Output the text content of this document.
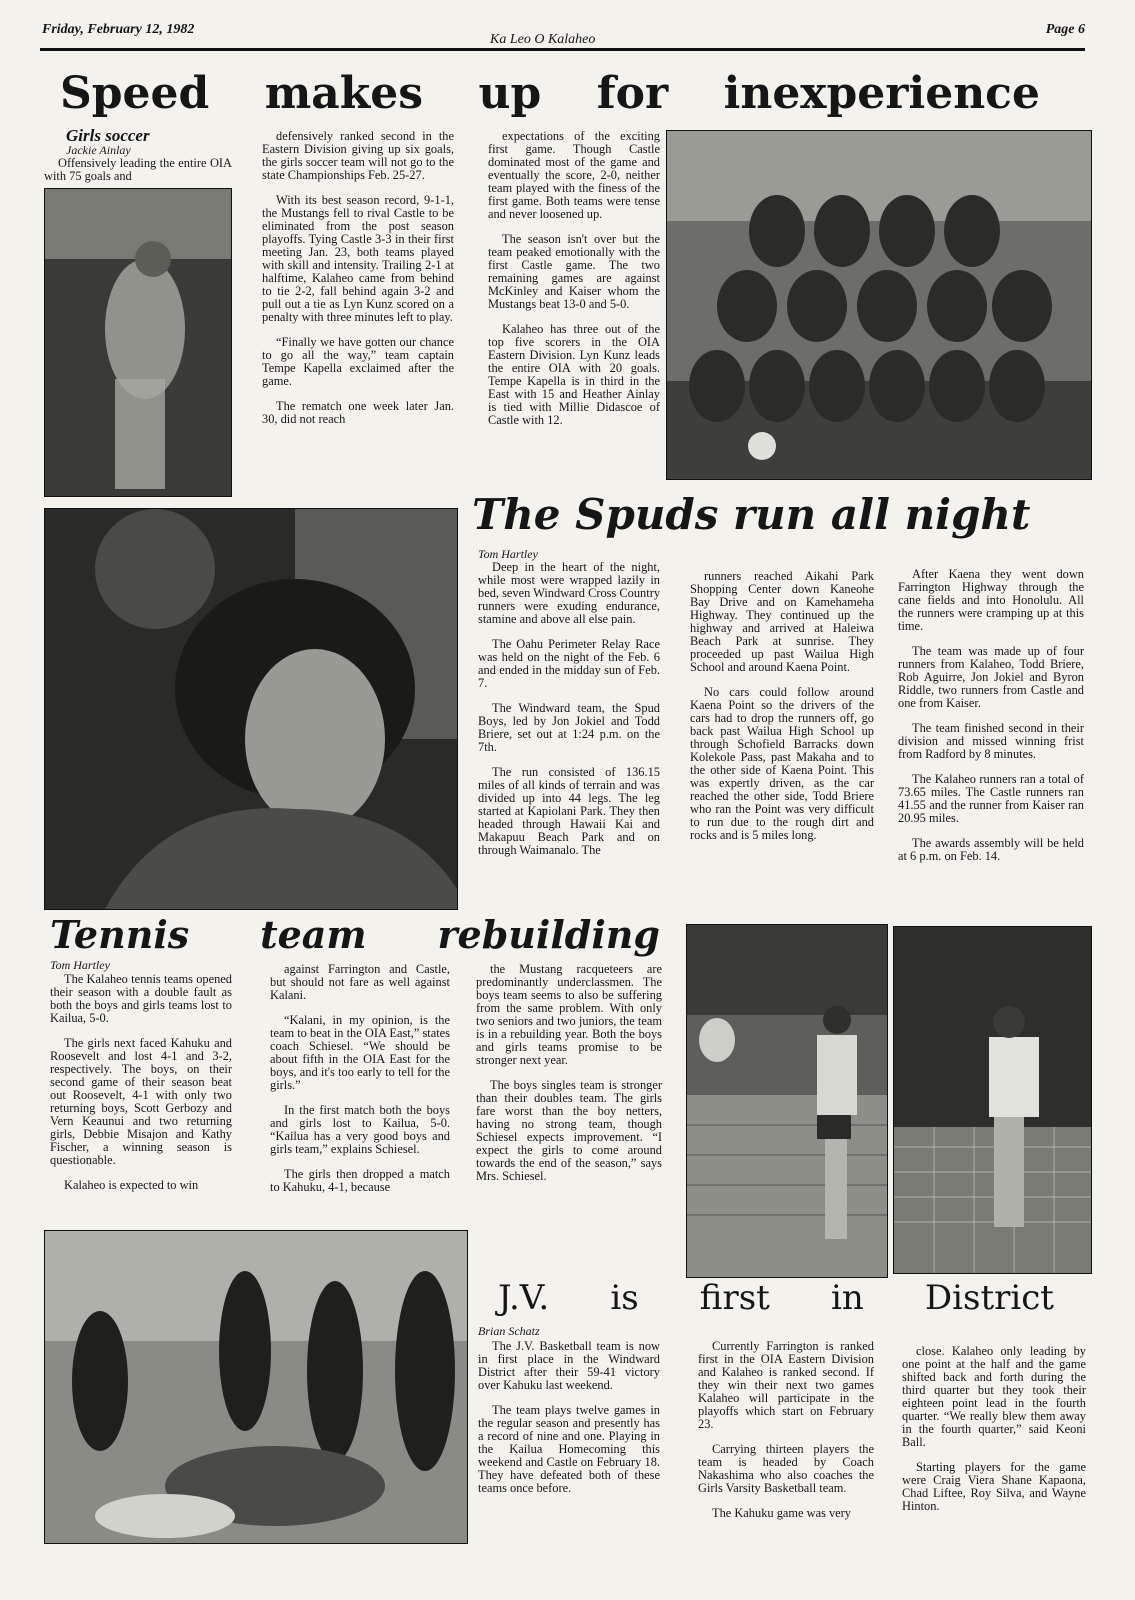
Friday, February 12, 1982
Ka Leo O Kalaheo
Page 6
Speed makes up for inexperience
Girls soccer
Jackie Ainlay

Offensively leading the entire OIA with 75 goals and

defensively ranked second in the Eastern Division giving up six goals, the girls soccer team will not go to the state Championships Feb. 25-27.

With its best season record, 9-1-1, the Mustangs fell to rival Castle to be eliminated from the post season playoffs. Tying Castle 3-3 in their first meeting Jan. 23, both teams played with skill and intensity. Trailing 2-1 at halftime, Kalaheo came from behind to tie 2-2, fall behind again 3-2 and pull out a tie as Lyn Kunz scored on a penalty with three minutes left to play.

“Finally we have gotten our chance to go all the way,” team captain Tempe Kapella exclaimed after the game.

The rematch one week later Jan. 30, did not reach

expectations of the exciting first game. Though Castle dominated most of the game and eventually the score, 2-0, neither team played with the finess of the first game. Both teams were tense and never loosened up.

The season isn't over but the team peaked emotionally with the first Castle game. The two remaining games are against McKinley and Kaiser whom the Mustangs beat 13-0 and 5-0.

Kalaheo has three out of the top five scorers in the OIA Eastern Division. Lyn Kunz leads the entire OIA with 20 goals. Tempe Kapella is in third in the East with 15 and Heather Ainlay is tied with Millie Didascoe of Castle with 12.

The Spuds run all night
Tom Hartley

Deep in the heart of the night, while most were wrapped lazily in bed, seven Windward Cross Country runners were exuding endurance, stamine and above all else pain.

The Oahu Perimeter Relay Race was held on the night of the Feb. 6 and ended in the midday sun of Feb. 7.

The Windward team, the Spud Boys, led by Jon Jokiel and Todd Briere, set out at 1:24 p.m. on the 7th.

The run consisted of 136.15 miles of all kinds of terrain and was divided up into 44 legs. The leg started at Kapiolani Park. They then headed through Hawaii Kai and Makapuu Beach Park and on through Waimanalo. The

runners reached Aikahi Park Shopping Center down Kaneohe Bay Drive and on Kamehameha Highway. They continued up the highway and arrived at Haleiwa Beach Park at sunrise. They proceeded up past Wailua High School and around Kaena Point.

No cars could follow around Kaena Point so the drivers of the cars had to drop the runners off, go back past Wailua High School up through Schofield Barracks down Kolekole Pass, past Makaha and to the other side of Kaena Point. This was expertly driven, as the car reached the other side, Todd Briere who ran the Point was very difficult to run due to the rough dirt and rocks and is 5 miles long.

After Kaena they went down Farrington Highway through the cane fields and into Honolulu. All the runners were cramping up at this time.

The team was made up of four runners from Kalaheo, Todd Briere, Rob Aguirre, Jon Jokiel and Byron Riddle, two runners from Castle and one from Kaiser.

The team finished second in their division and missed winning frist from Radford by 8 minutes.

The Kalaheo runners ran a total of 73.65 miles. The Castle runners ran 41.55 and the runner from Kaiser ran 20.95 miles.

The awards assembly will be held at 6 p.m. on Feb. 14.

Tennis team rebuilding
Tom Hartley

The Kalaheo tennis teams opened their season with a double fault as both the boys and girls teams lost to Kailua, 5-0.

The girls next faced Kahuku and Roosevelt and lost 4-1 and 3-2, respectively. The boys, on their second game of their season beat out Roosevelt, 4-1 with only two returning boys, Scott Gerbozy and Vern Keaunui and two returning girls, Debbie Misajon and Kathy Fischer, a winning season is questionable.

Kalaheo is expected to win

against Farrington and Castle, but should not fare as well against Kalani.

“Kalani, in my opinion, is the team to beat in the OIA East,” states coach Schiesel. “We should be about fifth in the OIA East for the boys, and it's too early to tell for the girls.”

In the first match both the boys and girls lost to Kailua, 5-0. “Kailua has a very good boys and girls team,” explains Schiesel.

The girls then dropped a match to Kahuku, 4-1, because

the Mustang racqueteers are predominantly underclassmen. The boys team seems to also be suffering from the same problem. With only two seniors and two juniors, the team is in a rebuilding year. Both the boys and girls teams promise to be stronger next year.

The boys singles team is stronger than their doubles team. The girls fare worst than the boy netters, having no strong team, though Schiesel expects improvement. “I expect the girls to come around towards the end of the season,” says Mrs. Schiesel.

J.V. is first in District
Brian Schatz

The J.V. Basketball team is now in first place in the Windward District after their 59-41 victory over Kahuku last weekend.

The team plays twelve games in the regular season and presently has a record of nine and one. Playing in the Kailua Homecoming this weekend and Castle on February 18. They have defeated both of these teams once before.

Currently Farrington is ranked first in the OIA Eastern Division and Kalaheo is ranked second. If they win their next two games Kalaheo will participate in the playoffs which start on February 23.

Carrying thirteen players the team is headed by Coach Nakashima who also coaches the Girls Varsity Basketball team.

The Kahuku game was very

close. Kalaheo only leading by one point at the half and the game shifted back and forth during the third quarter but they took their eighteen point lead in the fourth quarter. “We really blew them away in the fourth quarter,” said Keoni Ball.

Starting players for the game were Craig Viera Shane Kapaona, Chad Liftee, Roy Silva, and Wayne Hinton.
